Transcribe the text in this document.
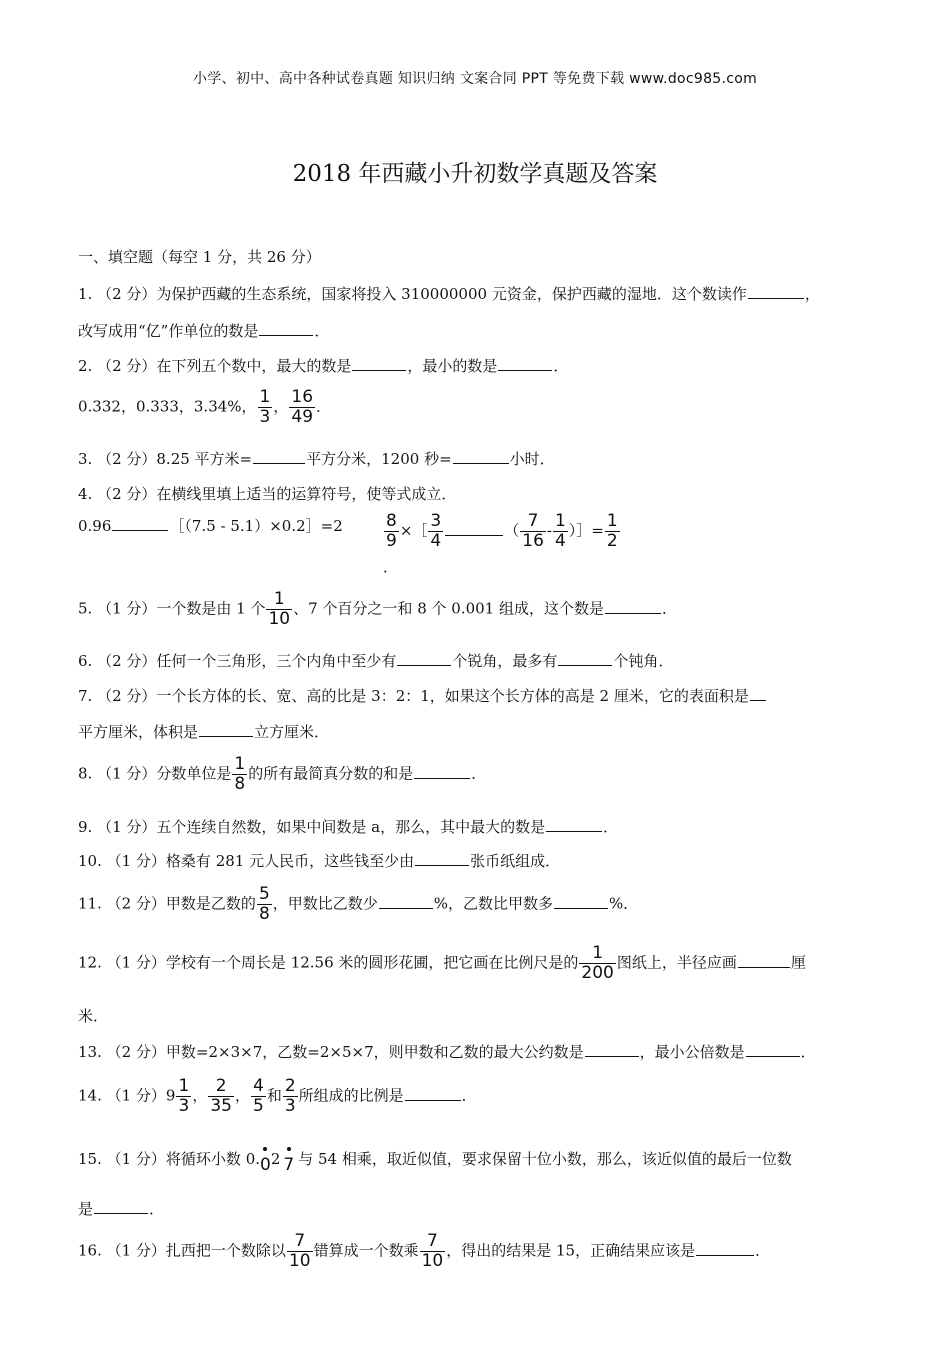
小学、初中、高中各种试卷真题 知识归纳 文案合同 PPT 等免费下载 www.doc985.com
2018 年西藏小升初数学真题及答案
一、填空题（每空 1 分，共 26 分）
1. （2 分）为保护西藏的生态系统，国家将投入 310000000 元资金，保护西藏的湿地．这个数读作	，
改写成用“亿”作单位的数是	．
2. （2 分）在下列五个数中，最大的数是	，最小的数是	．
0.332，0.333，3.34%， $\frac{1}{3}$ ， $\frac{16}{49}$ ．
3. （2 分）8.25 平方米=	平方分米，1200 秒=	小时．
4. （2 分）在横线里填上适当的运算符号，使等式成立．
0.96	［（7.5 - 5.1）×0.2］=2 $\frac{8}{9}$ ×［ $\frac{3}{4}$	（ $\frac{7}{16} - \frac{1}{4}$ ）］= $\frac{1}{2}$
．
5. （1 分）一个数是由 1 个 $\frac{1}{10}$ 、7 个百分之一和 8 个 0.001 组成，这个数是	．
6. （2 分）任何一个三角形，三个内角中至少有	个锐角，最多有	个钝角．
7. （2 分）一个长方体的长、宽、高的比是 3：2：1，如果这个长方体的高是 2 厘米，它的表面积是
平方厘米，体积是	立方厘米．
8. （1 分）分数单位是 $\frac{1}{8}$ 的所有最简真分数的和是	．
9. （1 分）五个连续自然数，如果中间数是 a，那么，其中最大的数是	．
10. （1 分）格桑有 281 元人民币，这些钱至少由	张币纸组成．
11. （2 分）甲数是乙数的 $\frac{5}{8}$ ，甲数比乙数少	%，乙数比甲数多	%．
12. （1 分）学校有一个周长是 12.56 米的圆形花圃，把它画在比例尺是的 $\frac{1}{200}$ 图纸上，半径应画	厘
米．
13. （2 分）甲数=2×3×7，乙数=2×5×7，则甲数和乙数的最大公约数是	，最小公倍数是	．
14. （1 分）$9 \frac{1}{3}$ ， $\frac{2}{35}$ ， $\frac{4}{5}$ 和 $\frac{2}{3}$ 所组成的比例是	．
15. （1 分）将循环小数 0.02 7 与 54 相乘，取近似值，要求保留十位小数，那么，该近似值的最后一位数
是	．
16. （1 分）扎西把一个数除以 $\frac{7}{10}$ 错算成一个数乘 $\frac{7}{10}$ ，得出的结果是 15，正确结果应该是	．
